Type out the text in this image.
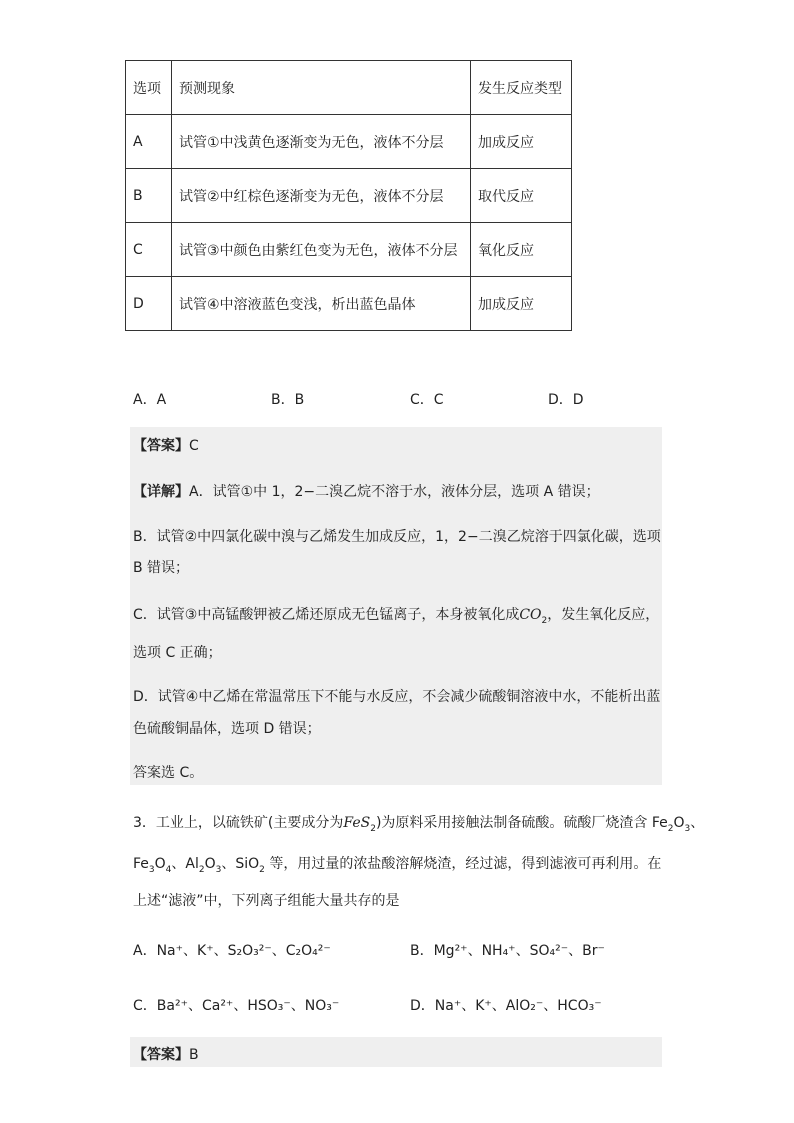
选项	预测现象	发生反应类型
A	试管①中浅黄色逐渐变为无色，液体不分层	加成反应
B	试管②中红棕色逐渐变为无色，液体不分层	取代反应
C	试管③中颜色由紫红色变为无色，液体不分层	氧化反应
D	试管④中溶液蓝色变浅，析出蓝色晶体	加成反应
A．A	B．B	C．C	D．D
【答案】C
【详解】A．试管①中 1，2−二溴乙烷不溶于水，液体分层，选项 A 错误；
B．试管②中四氯化碳中溴与乙烯发生加成反应，1，2−二溴乙烷溶于四氯化碳，选项
B 错误；
C．试管③中高锰酸钾被乙烯还原成无色锰离子，本身被氧化成$CO_2$，发生氧化反应，
选项 C 正确；
D．试管④中乙烯在常温常压下不能与水反应，不会减少硫酸铜溶液中水，不能析出蓝
色硫酸铜晶体，选项 D 错误；
答案选 C。
3．工业上，以硫铁矿(主要成分为FeS$_2$)为原料采用接触法制备硫酸。硫酸厂烧渣含 $Fe_2O_3$、
$Fe_3O_4$、$Al_2O_3$、SiO$_2$ 等，用过量的浓盐酸溶解烧渣，经过滤，得到滤液可再利用。在
上述“滤液”中，下列离子组能大量共存的是
A．Na⁺、K⁺、S₂O₃²⁻、C₂O₄²⁻	B．Mg²⁺、NH₄⁺、SO₄²⁻、Br⁻
C．Ba²⁺、Ca²⁺、HSO₃⁻、NO₃⁻	D．Na⁺、K⁺、AlO₂⁻、HCO₃⁻
【答案】B
